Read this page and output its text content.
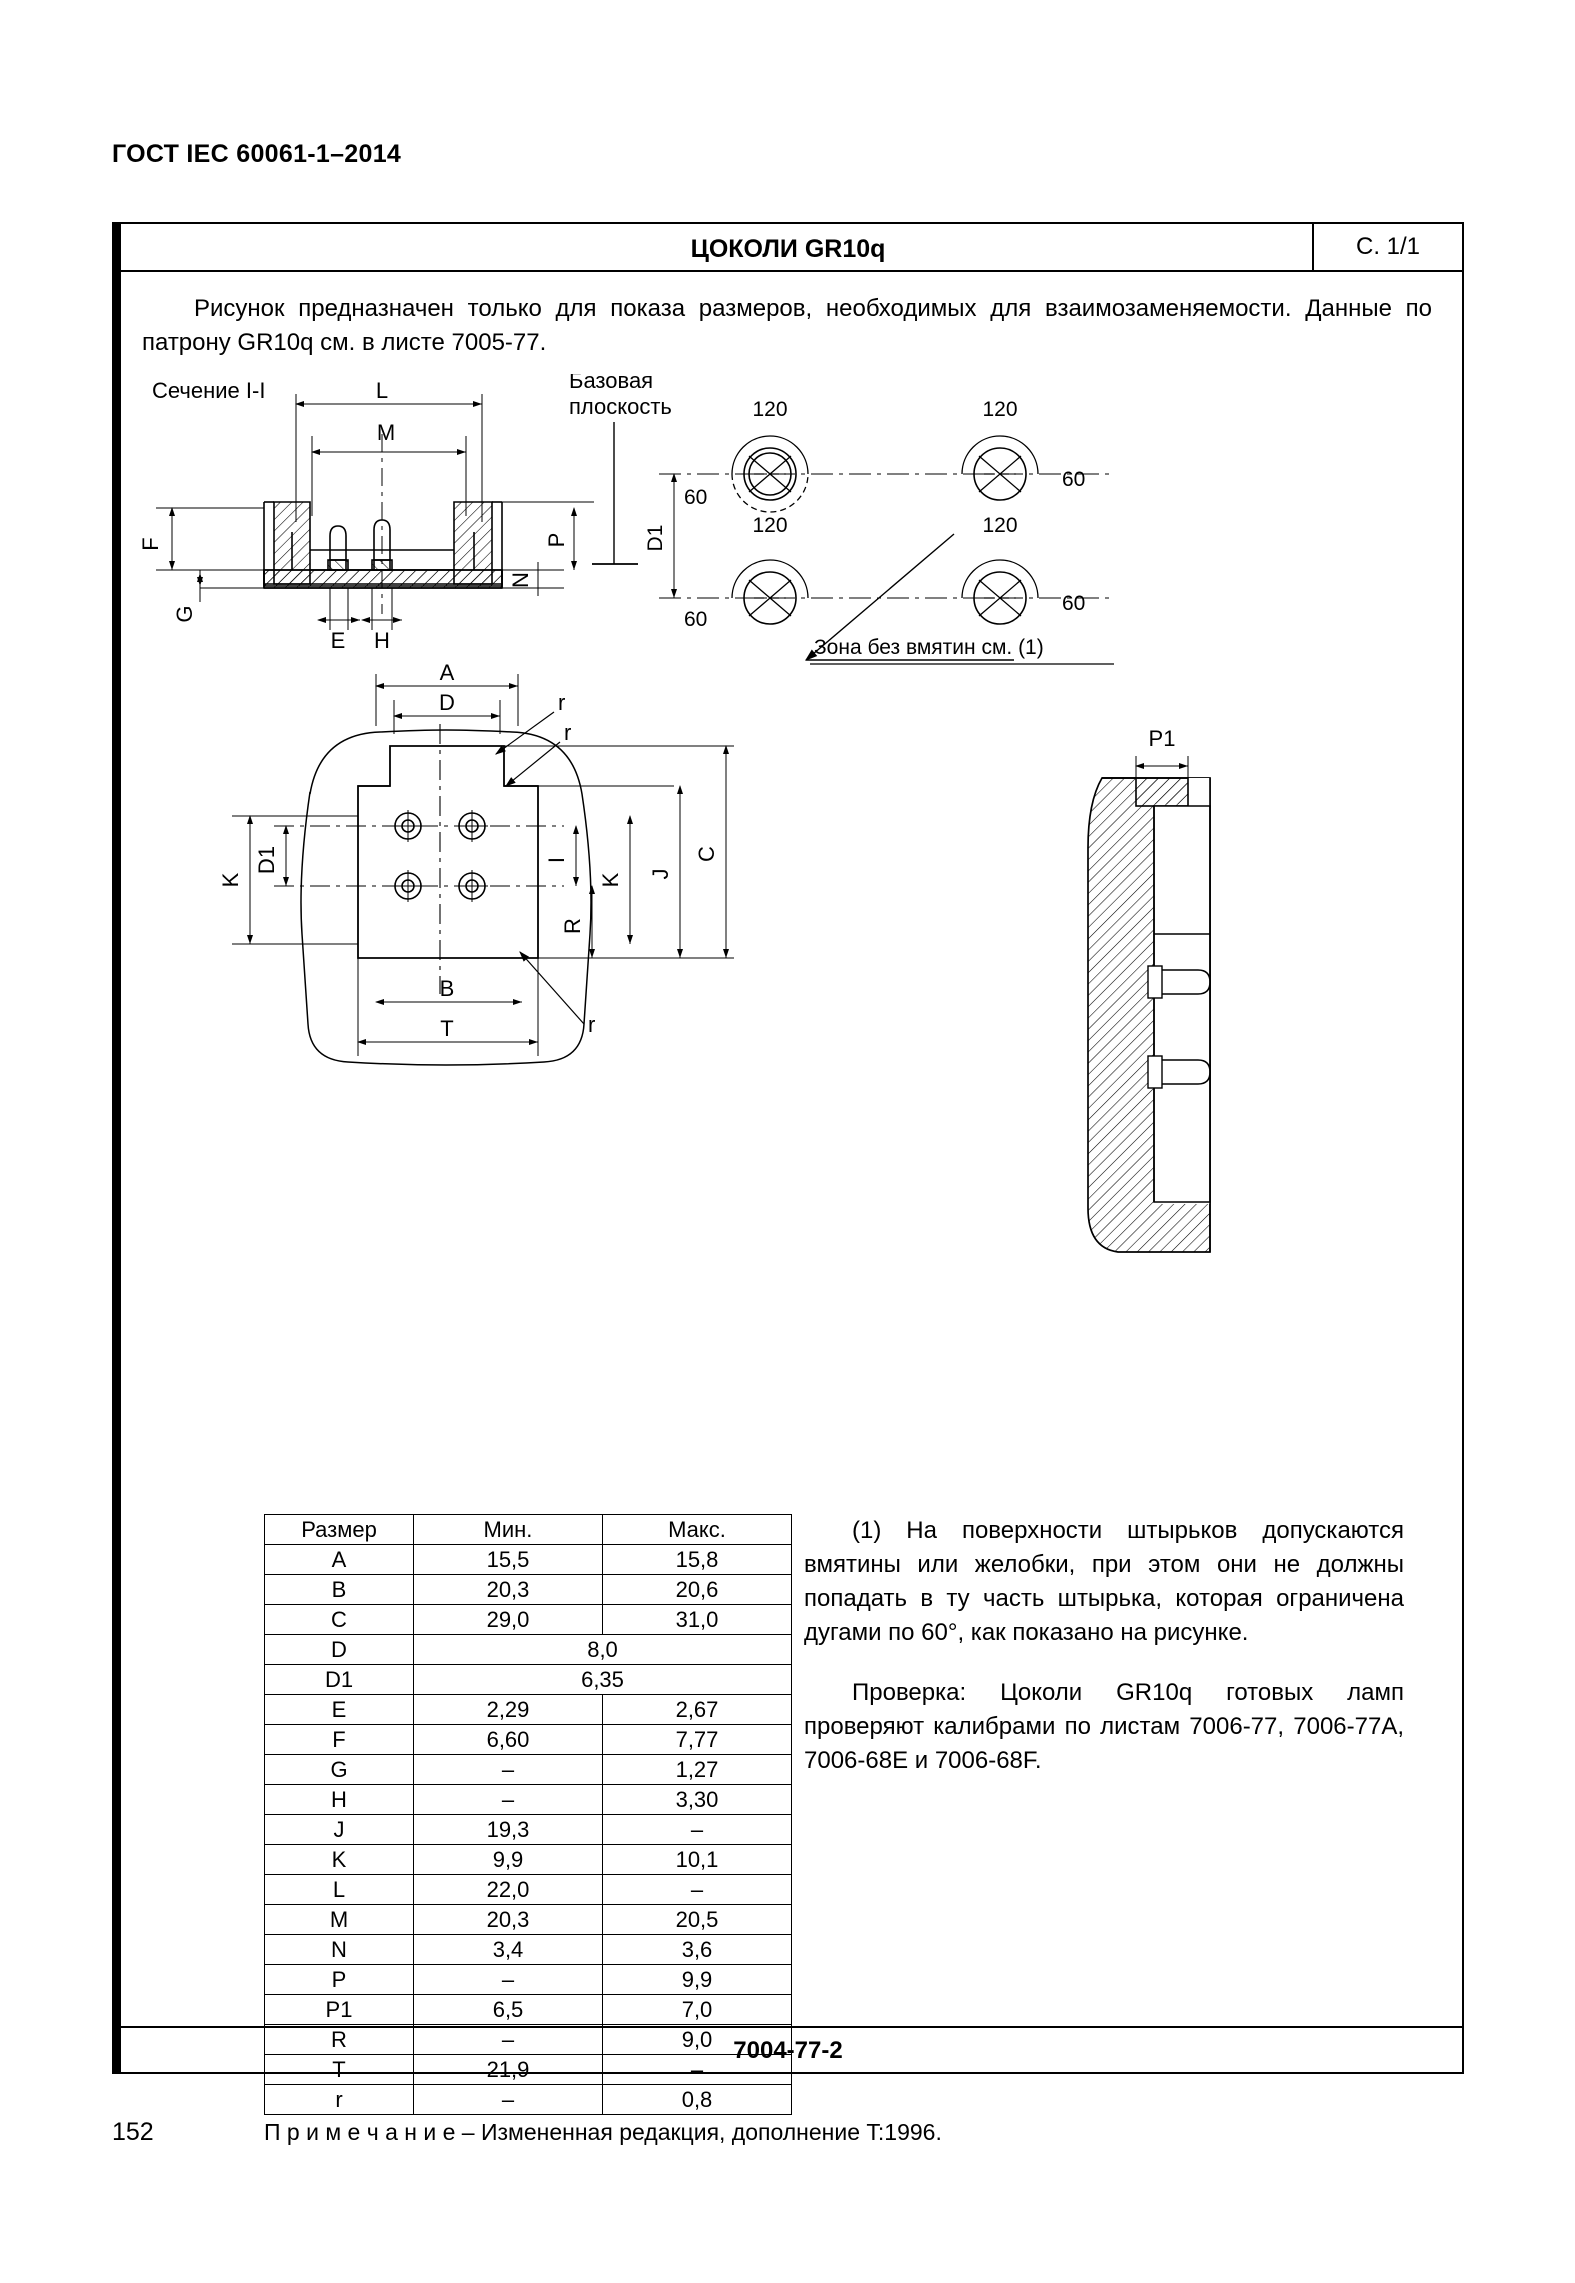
ГОСТ IEC 60061-1–2014
ЦОКОЛИ GR10q	С. 1/1
Рисунок предназначен только для показа размеров, необходимых для взаимозаменяемости. Данные по патрону GR10q см. в листе 7005-77.
Сечение I-I	L
M
F
G
E H
N
P
Базовая
плоскость	120
60
120
120
60
120
60
60
D1
Зона без вмятин см. (1)
A
D	r
r
r
K
D1	I
R
K J
C
B
T
P1
Размер	Мин.	Макс.
A	15,5	15,8
B	20,3	20,6
C	29,0	31,0
D	8,0	
D1	6,35	
E	2,29	2,67
F	6,60	7,77
G	–	1,27
H	–	3,30
J	19,3	–
K	9,9	10,1
L	22,0	–
M	20,3	20,5
N	3,4	3,6
P	–	9,9
P1	6,5	7,0
R	–	9,0
T	21,9	–
r	–	0,8

(1) На поверхности штырьков допускаются вмятины или желобки, при этом они не должны попадать в ту часть штырька, которая ограничена дугами по 60°, как показано на рисунке.

Проверка: Цоколи GR10q готовых ламп проверяют калибрами по листам 7006-77, 7006-77А, 7006-68E и 7006-68F.

П р и м е ч а н и е – Измененная редакция, дополнение T:1996.
7004-77-2
152
